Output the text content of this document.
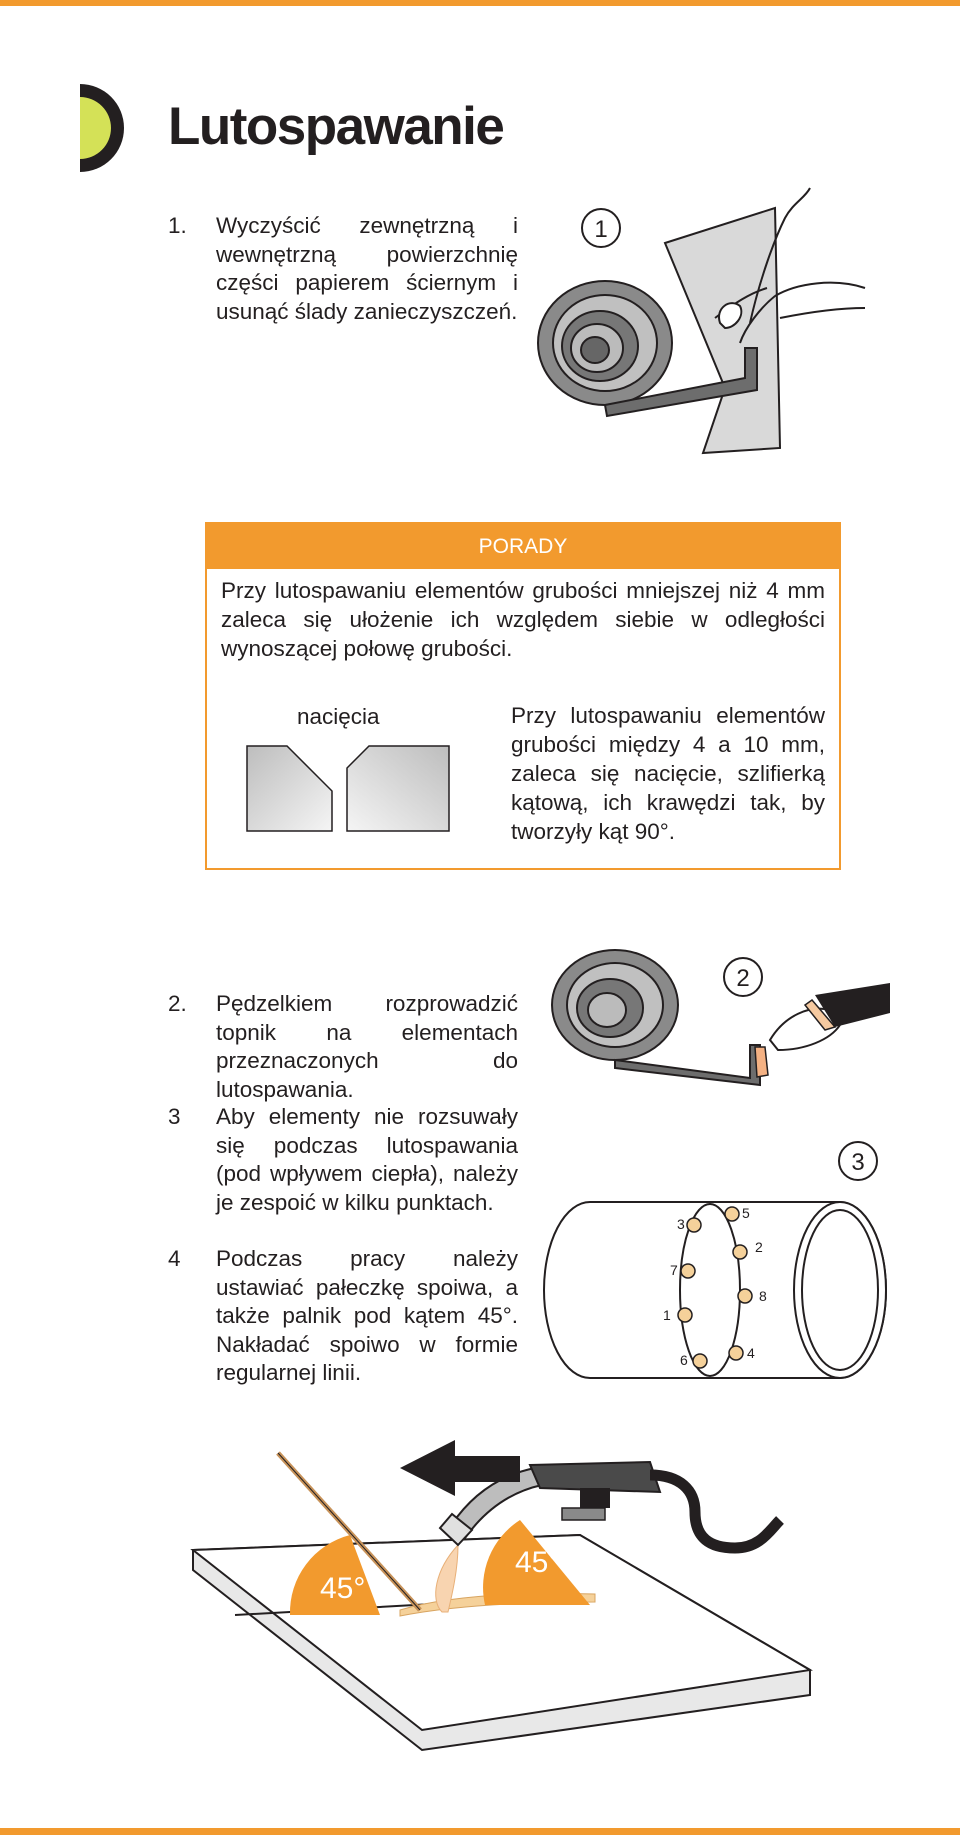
Lutospawanie
1. Wyczyścić zewnętrzną i wewnętrzną powierzchnię części papierem ściernym i usunąć ślady zanieczyszczeń.
1
PORADY
Przy lutospawaniu elementów grubości mniejszej niż 4 mm zaleca się ułożenie ich względem siebie w odległości wynoszącej połowę grubości.
nacięcia	Przy lutospawaniu elementów grubości między 4 a 10 mm, zaleca się nacięcie, szlifierką kątową, ich krawędzi tak, by tworzyły kąt 90°.
2
2. Pędzelkiem rozprowadzić topnik na elementach przeznaczonych do lutospawania.
3 Aby elementy nie rozsuwały się podczas lutospawania (pod wpływem ciepła), należy je zespoić w kilku punktach.
4 Podczas pracy należy ustawiać pałeczkę spoiwa, a także palnik pod kątem 45°. Nakładać spoiwo w formie regularnej linii.
1
2
3
4
5
6
7
8
3
45°
45°
